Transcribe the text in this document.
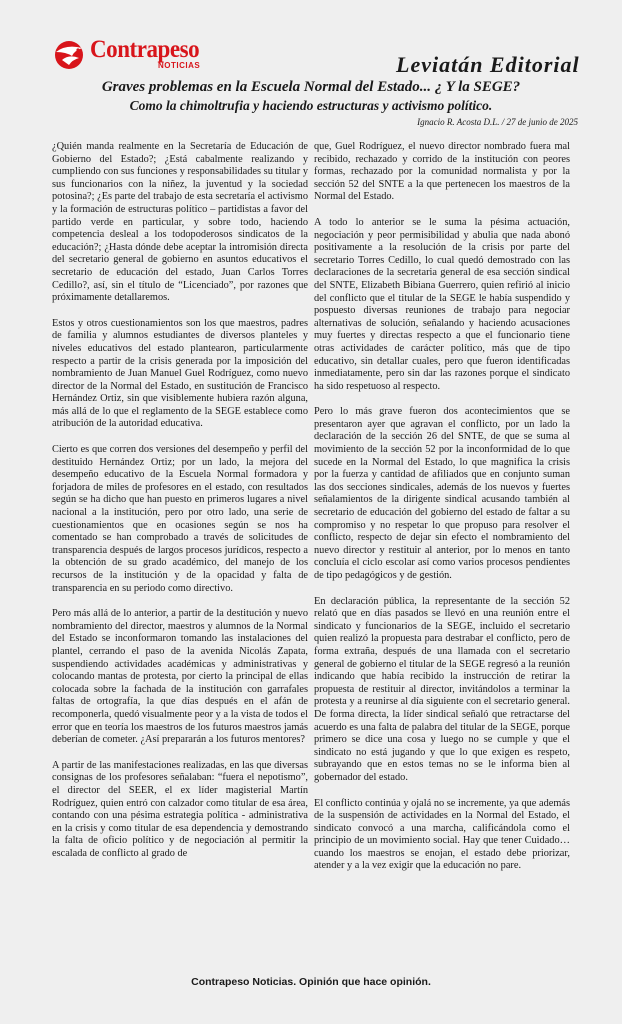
Contrapeso
NOTICIAS	Leviatán Editorial
Graves problemas en la Escuela Normal del Estado... ¿ Y la SEGE?
Como la chimoltrufia y haciendo estructuras y activismo político.
Ignacio R. Acosta D.L. / 27 de junio de 2025

¿Quién manda realmente en la Secretaría de Educación de Gobierno del Estado?; ¿Está cabalmente realizando y cumpliendo con sus funciones y responsabilidades su titular y sus funcionarios con la niñez, la juventud y la sociedad potosina?; ¿Es parte del trabajo de esta secretaría el activismo y la formación de estructuras político – partidistas a favor del partido verde en particular, y sobre todo, haciendo competencia desleal a los todopoderosos sindicatos de la educación?; ¿Hasta dónde debe aceptar la intromisión directa del secretario general de gobierno en asuntos educativos el secretario de educación del estado, Juan Carlos Torres Cedillo?, así, sin el título de “Licenciado”, por razones que próximamente detallaremos.

Estos y otros cuestionamientos son los que maestros, padres de familia y alumnos estudiantes de diversos planteles y niveles educativos del estado plantearon, particularmente respecto a partir de la crisis generada por la imposición del nombramiento de Juan Manuel Guel Rodríguez, como nuevo director de la Normal del Estado, en sustitución de Francisco Hernández Ortiz, sin que visiblemente hubiera razón alguna, más allá de lo que el reglamento de la SEGE establece como atribución de la autoridad educativa.

Cierto es que corren dos versiones del desempeño y perfil del destituido Hernández Ortiz; por un lado, la mejora del desempeño educativo de la Escuela Normal formadora y forjadora de miles de profesores en el estado, con resultados según se ha dicho que han puesto en primeros lugares a nivel nacional a la institución, pero por otro lado, una serie de cuestionamientos que en ocasiones según se nos ha comentado se han comprobado a través de solicitudes de transparencia después de largos procesos jurídicos, respecto a la obtención de su grado académico, del manejo de los recursos de la institución y de la opacidad y falta de transparencia en su periodo como directivo.

Pero más allá de lo anterior, a partir de la destitución y nuevo nombramiento del director, maestros y alumnos de la Normal del Estado se inconformaron tomando las instalaciones del plantel, cerrando el paso de la avenida Nicolás Zapata, suspendiendo actividades académicas y administrativas y colocando mantas de protesta, por cierto la principal de ellas colocada sobre la fachada de la institución con garrafales faltas de ortografía, la que días después en el afán de recomponerla, quedó visualmente peor y a la vista de todos el error que en teoría los maestros de los futuros maestros jamás deberían de cometer. ¿Así prepararán a los futuros mentores?

A partir de las manifestaciones realizadas, en las que diversas consignas de los profesores señalaban: “fuera el nepotismo”, el director del SEER, el ex líder magisterial Martín Rodríguez, quien entró con calzador como titular de esa área, contando con una pésima estrategia política - administrativa en la crisis y como titular de esa dependencia y demostrando la falta de oficio político y de negociación al permitir la escalada de conflicto al grado de

que, Guel Rodríguez, el nuevo director nombrado fuera mal recibido, rechazado y corrido de la institución con peores formas, rechazado por la comunidad normalista y por la sección 52 del SNTE a la que pertenecen los maestros de la Normal del Estado.

A todo lo anterior se le suma la pésima actuación, negociación y peor permisibilidad y abulia que nada abonó positivamente a la resolución de la crisis por parte del secretario Torres Cedillo, lo cual quedó demostrado con las declaraciones de la secretaria general de esa sección sindical del SNTE, Elizabeth Bibiana Guerrero, quien refirió al inicio del conflicto que el titular de la SEGE le había suspendido y pospuesto diversas reuniones de trabajo para negociar alternativas de solución, señalando y haciendo acusaciones muy fuertes y directas respecto a que el funcionario tiene otras actividades de carácter político, más que de tipo educativo, sin detallar cuales, pero que fueron identificadas inmediatamente, pero sin dar las razones porque el sindicato ha sido respetuoso al respecto.

Pero lo más grave fueron dos acontecimientos que se presentaron ayer que agravan el conflicto, por un lado la declaración de la sección 26 del SNTE, de que se suma al movimiento de la sección 52 por la inconformidad de lo que sucede en la Normal del Estado, lo que magnifica la crisis por la fuerza y cantidad de afiliados que en conjunto suman las dos secciones sindicales, además de los nuevos y fuertes señalamientos de la dirigente sindical acusando también al secretario de educación del gobierno del estado de faltar a su compromiso y no respetar lo que propuso para resolver el conflicto, respecto de dejar sin efecto el nombramiento del nuevo director y restituir al anterior, por lo menos en tanto concluía el ciclo escolar así como varios procesos pendientes de tipo pedagógicos y de gestión.

En declaración pública, la representante de la sección 52 relató que en días pasados se llevó en una reunión entre el sindicato y funcionarios de la SEGE, incluido el secretario quien realizó la propuesta para destrabar el conflicto, pero de forma extraña, después de una llamada con el secretario general de gobierno el titular de la SEGE regresó a la reunión indicando que había recibido la instrucción de retirar la propuesta de restituir al director, invitándolos a terminar la protesta y a reunirse al día siguiente con el secretario general. De forma directa, la líder sindical señaló que retractarse del acuerdo es una falta de palabra del titular de la SEGE, porque primero se dice una cosa y luego no se cumple y que el sindicato no está jugando y que lo que exigen es respeto, subrayando que en estos temas no se le informa bien al gobernador del estado.

El conflicto continúa y ojalá no se incremente, ya que además de la suspensión de actividades en la Normal del Estado, el sindicato convocó a una marcha, calificándola como el principio de un movimiento social. Hay que tener Cuidado…cuando los maestros se enojan, el estado debe priorizar, atender y a la vez exigir que la educación no pare.

Contrapeso Noticias. Opinión que hace opinión.
